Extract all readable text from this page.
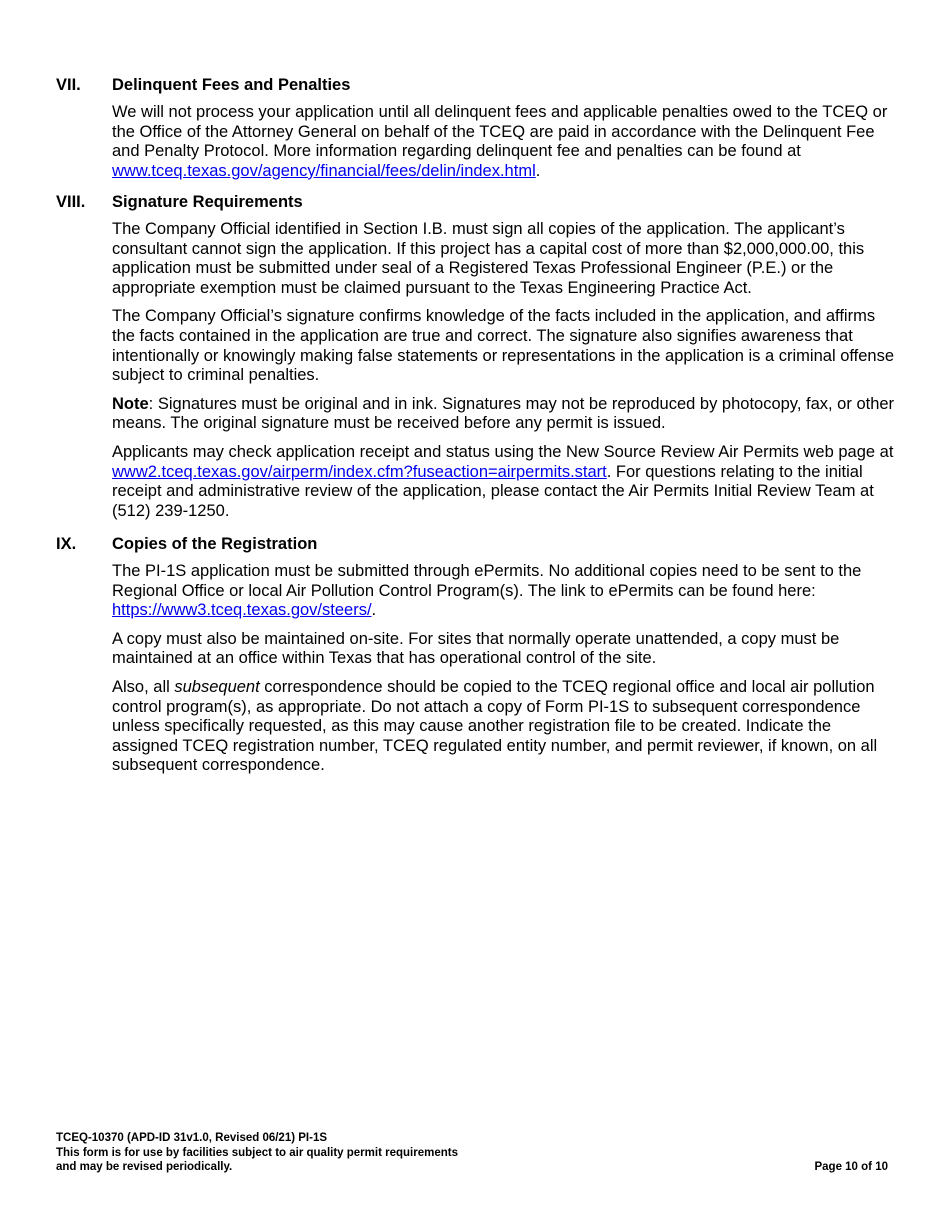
VII.	Delinquent Fees and Penalties
We will not process your application until all delinquent fees and applicable penalties owed to the TCEQ or the Office of the Attorney General on behalf of the TCEQ are paid in accordance with the Delinquent Fee and Penalty Protocol. More information regarding delinquent fee and penalties can be found at www.tceq.texas.gov/agency/financial/fees/delin/index.html.
VIII.	Signature Requirements
The Company Official identified in Section I.B. must sign all copies of the application. The applicant’s consultant cannot sign the application. If this project has a capital cost of more than $2,000,000.00, this application must be submitted under seal of a Registered Texas Professional Engineer (P.E.) or the appropriate exemption must be claimed pursuant to the Texas Engineering Practice Act.
The Company Official’s signature confirms knowledge of the facts included in the application, and affirms the facts contained in the application are true and correct. The signature also signifies awareness that intentionally or knowingly making false statements or representations in the application is a criminal offense subject to criminal penalties.
Note: Signatures must be original and in ink. Signatures may not be reproduced by photocopy, fax, or other means. The original signature must be received before any permit is issued.
Applicants may check application receipt and status using the New Source Review Air Permits web page at www2.tceq.texas.gov/airperm/index.cfm?fuseaction=airpermits.start. For questions relating to the initial receipt and administrative review of the application, please contact the Air Permits Initial Review Team at (512) 239-1250.
IX.	Copies of the Registration
The PI-1S application must be submitted through ePermits. No additional copies need to be sent to the Regional Office or local Air Pollution Control Program(s). The link to ePermits can be found here: https://www3.tceq.texas.gov/steers/.
A copy must also be maintained on-site. For sites that normally operate unattended, a copy must be maintained at an office within Texas that has operational control of the site.
Also, all subsequent correspondence should be copied to the TCEQ regional office and local air pollution control program(s), as appropriate. Do not attach a copy of Form PI-1S to subsequent correspondence unless specifically requested, as this may cause another registration file to be created. Indicate the assigned TCEQ registration number, TCEQ regulated entity number, and permit reviewer, if known, on all subsequent correspondence.
TCEQ-10370 (APD-ID 31v1.0, Revised 06/21) PI-1S
This form is for use by facilities subject to air quality permit requirements
and may be revised periodically.	Page 10 of 10
